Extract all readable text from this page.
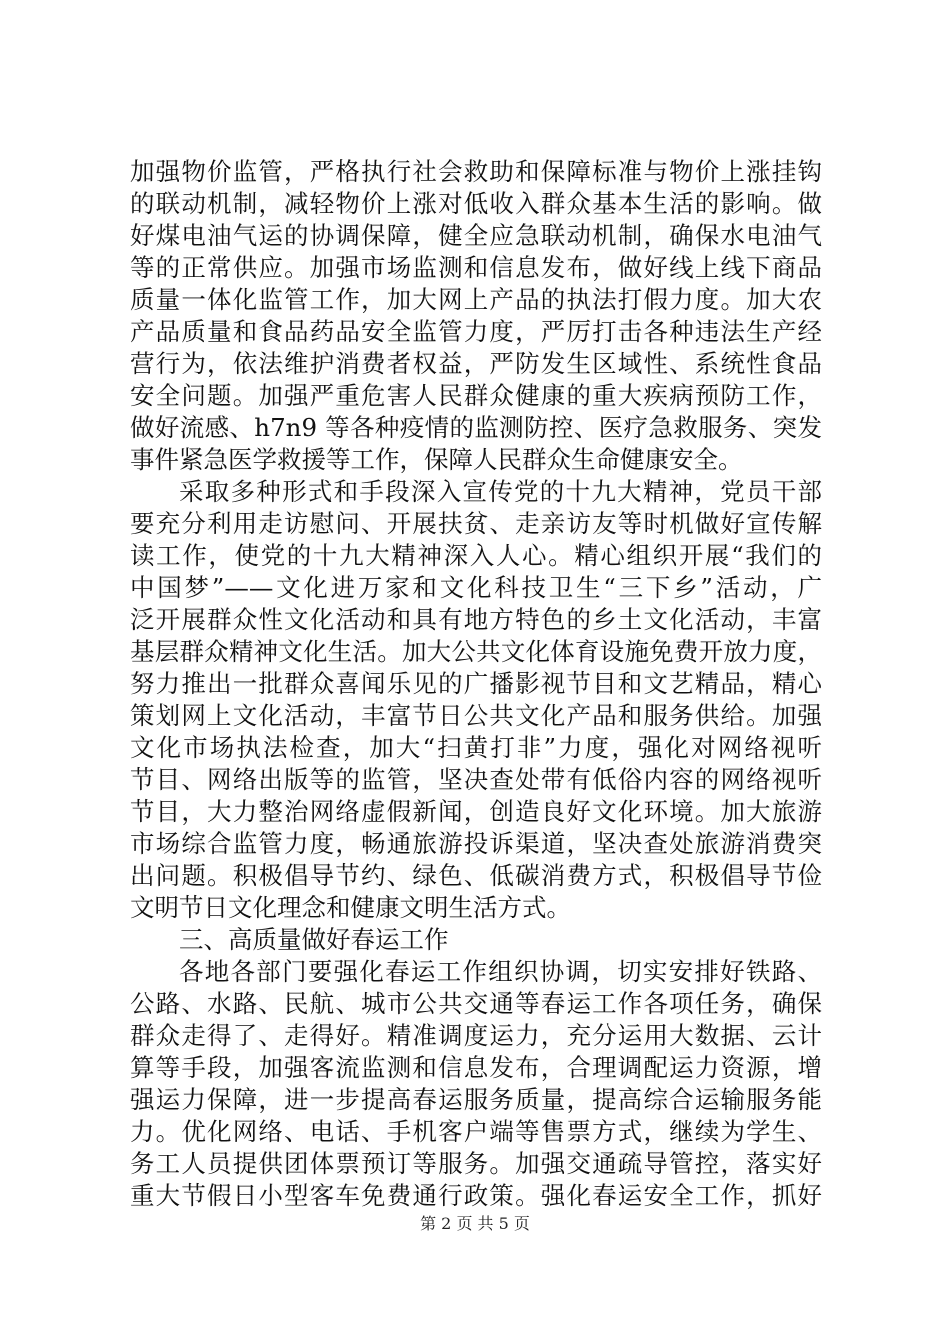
加强物价监管，严格执行社会救助和保障标准与物价上涨挂钩
的联动机制，减轻物价上涨对低收入群众基本生活的影响。做
好煤电油气运的协调保障，健全应急联动机制，确保水电油气
等的正常供应。加强市场监测和信息发布，做好线上线下商品
质量一体化监管工作，加大网上产品的执法打假力度。加大农
产品质量和食品药品安全监管力度，严厉打击各种违法生产经
营行为，依法维护消费者权益，严防发生区域性、系统性食品
安全问题。加强严重危害人民群众健康的重大疾病预防工作，
做好流感、h7n9 等各种疫情的监测防控、医疗急救服务、突发
事件紧急医学救援等工作，保障人民群众生命健康安全。
采取多种形式和手段深入宣传党的十九大精神，党员干部
要充分利用走访慰问、开展扶贫、走亲访友等时机做好宣传解
读工作，使党的十九大精神深入人心。精心组织开展“我们的
中国梦”——文化进万家和文化科技卫生“三下乡”活动，广
泛开展群众性文化活动和具有地方特色的乡土文化活动，丰富
基层群众精神文化生活。加大公共文化体育设施免费开放力度，
努力推出一批群众喜闻乐见的广播影视节目和文艺精品，精心
策划网上文化活动，丰富节日公共文化产品和服务供给。加强
文化市场执法检查，加大“扫黄打非”力度，强化对网络视听
节目、网络出版等的监管，坚决查处带有低俗内容的网络视听
节目，大力整治网络虚假新闻，创造良好文化环境。加大旅游
市场综合监管力度，畅通旅游投诉渠道，坚决查处旅游消费突
出问题。积极倡导节约、绿色、低碳消费方式，积极倡导节俭
文明节日文化理念和健康文明生活方式。
三、高质量做好春运工作
各地各部门要强化春运工作组织协调，切实安排好铁路、
公路、水路、民航、城市公共交通等春运工作各项任务，确保
群众走得了、走得好。精准调度运力，充分运用大数据、云计
算等手段，加强客流监测和信息发布，合理调配运力资源，增
强运力保障，进一步提高春运服务质量，提高综合运输服务能
力。优化网络、电话、手机客户端等售票方式，继续为学生、
务工人员提供团体票预订等服务。加强交通疏导管控，落实好
重大节假日小型客车免费通行政策。强化春运安全工作，抓好
第 2 页 共 5 页
